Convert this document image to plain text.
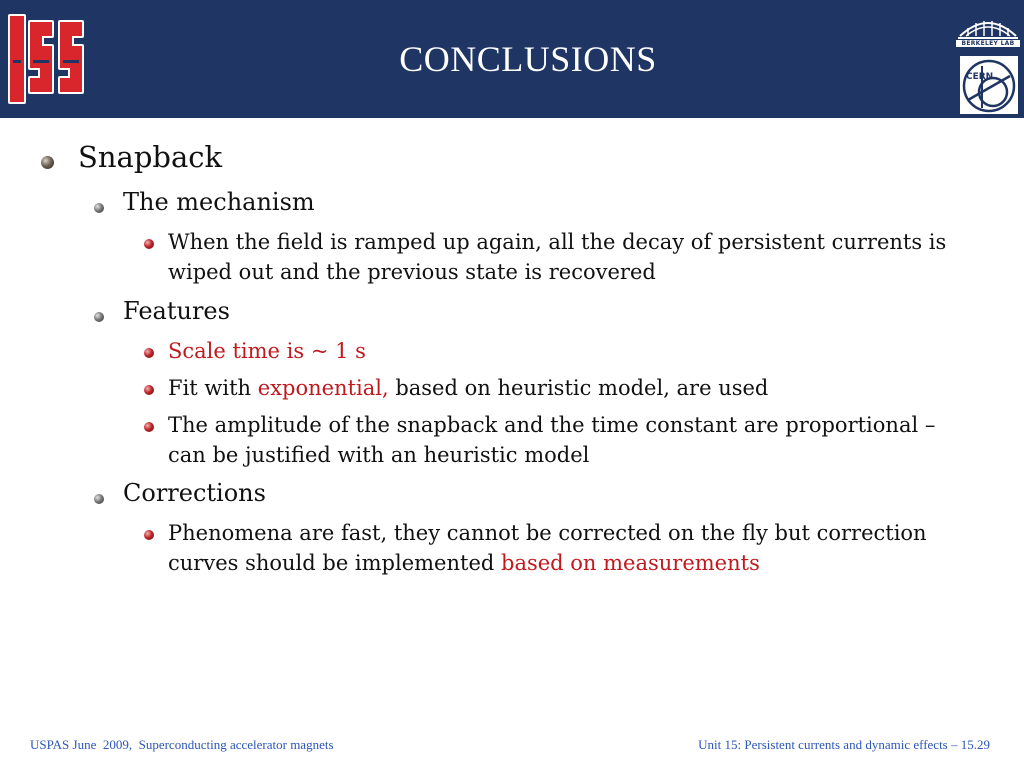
CONCLUSIONS	BERKELEY LAB
CERN
Snapback
The mechanism
When the field is ramped up again, all the decay of persistent currents is
wiped out and the previous state is recovered
Features
Scale time is ~ 1 s
Fit with exponential, based on heuristic model, are used
The amplitude of the snapback and the time constant are proportional –
can be justified with an heuristic model
Corrections
Phenomena are fast, they cannot be corrected on the fly but correction
curves should be implemented based on measurements
USPAS June  2009,  Superconducting accelerator magnets	Unit 15: Persistent currents and dynamic effects – 15.29
